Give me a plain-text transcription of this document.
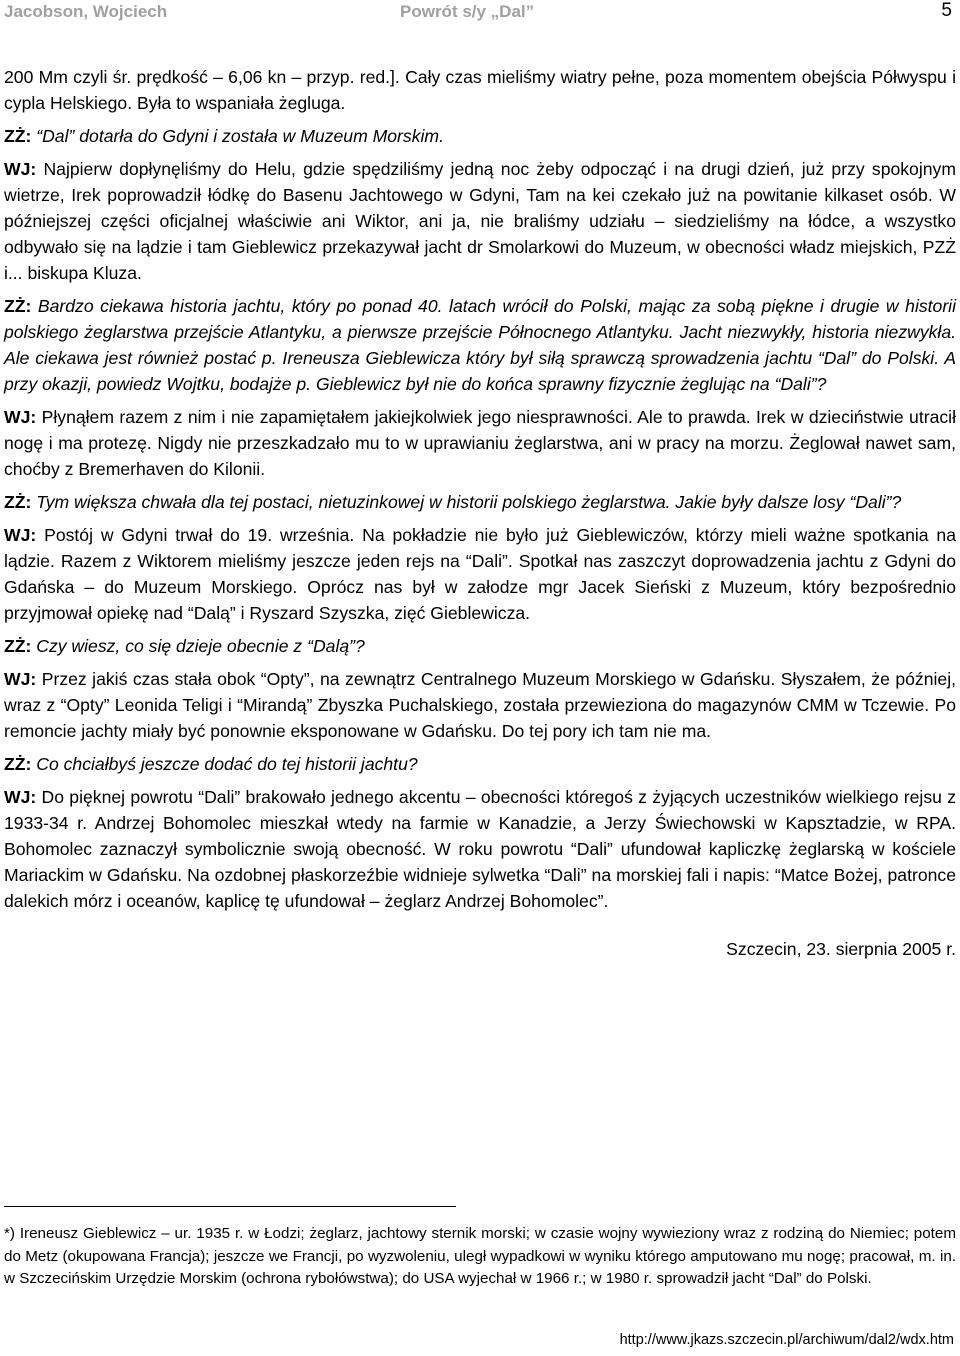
Jacobson, Wojciech	Powrót s/y „Dal”	5

200 Mm czyli śr. prędkość – 6,06 kn – przyp. red.]. Cały czas mieliśmy wiatry pełne, poza momentem obejścia Półwyspu i cypla Helskiego. Była to wspaniała żegluga.

ZŻ: “Dal” dotarła do Gdyni i została w Muzeum Morskim.

WJ: Najpierw dopłynęliśmy do Helu, gdzie spędziliśmy jedną noc żeby odpocząć i na drugi dzień, już przy spokojnym wietrze, Irek poprowadził łódkę do Basenu Jachtowego w Gdyni, Tam na kei czekało już na powitanie kilkaset osób. W późniejszej części oficjalnej właściwie ani Wiktor, ani ja, nie braliśmy udziału – siedzieliśmy na łódce, a wszystko odbywało się na lądzie i tam Gieblewicz przekazywał jacht dr Smolarkowi do Muzeum, w obecności władz miejskich, PZŻ i... biskupa Kluza.

ZŻ: Bardzo ciekawa historia jachtu, który po ponad 40. latach wrócił do Polski, mając za sobą piękne i drugie w historii polskiego żeglarstwa przejście Atlantyku, a pierwsze przejście Północnego Atlantyku. Jacht niezwykły, historia niezwykła. Ale ciekawa jest również postać p. Ireneusza Gieblewicza który był siłą sprawczą sprowadzenia jachtu “Dal” do Polski. A przy okazji, powiedz Wojtku, bodajże p. Gieblewicz był nie do końca sprawny fizycznie żeglując na “Dali”?

WJ: Płynąłem razem z nim i nie zapamiętałem jakiejkolwiek jego niesprawności. Ale to prawda. Irek w dzieciństwie utracił nogę i ma protezę. Nigdy nie przeszkadzało mu to w uprawianiu żeglarstwa, ani w pracy na morzu. Żeglował nawet sam, choćby z Bremerhaven do Kilonii.

ZŻ: Tym większa chwała dla tej postaci, nietuzinkowej w historii polskiego żeglarstwa. Jakie były dalsze losy “Dali”?

WJ: Postój w Gdyni trwał do 19. września. Na pokładzie nie było już Gieblewiczów, którzy mieli ważne spotkania na lądzie. Razem z Wiktorem mieliśmy jeszcze jeden rejs na “Dali”. Spotkał nas zaszczyt doprowadzenia jachtu z Gdyni do Gdańska – do Muzeum Morskiego. Oprócz nas był w załodze mgr Jacek Sieński z Muzeum, który bezpośrednio przyjmował opiekę nad “Dalą” i Ryszard Szyszka, zięć Gieblewicza.

ZŻ: Czy wiesz, co się dzieje obecnie z “Dalą”?

WJ: Przez jakiś czas stała obok “Opty”, na zewnątrz Centralnego Muzeum Morskiego w Gdańsku. Słyszałem, że później, wraz z “Opty” Leonida Teligi i “Mirandą” Zbyszka Puchalskiego, została przewieziona do magazynów CMM w Tczewie. Po remoncie jachty miały być ponownie eksponowane w Gdańsku. Do tej pory ich tam nie ma.

ZŻ: Co chciałbyś jeszcze dodać do tej historii jachtu?

WJ: Do pięknej powrotu “Dali” brakowało jednego akcentu – obecności któregoś z żyjących uczestników wielkiego rejsu z 1933-34 r. Andrzej Bohomolec mieszkał wtedy na farmie w Kanadzie, a Jerzy Świechowski w Kapsztadzie, w RPA. Bohomolec zaznaczył symbolicznie swoją obecność. W roku powrotu “Dali” ufundował kapliczkę żeglarską w kościele Mariackim w Gdańsku. Na ozdobnej płaskorzeźbie widnieje sylwetka “Dali” na morskiej fali i napis: “Matce Bożej, patronce dalekich mórz i oceanów, kaplicę tę ufundował – żeglarz Andrzej Bohomolec”.

Szczecin, 23. sierpnia 2005 r.

*) Ireneusz Gieblewicz – ur. 1935 r. w Łodzi; żeglarz, jachtowy sternik morski; w czasie wojny wywieziony wraz z rodziną do Niemiec; potem do Metz (okupowana Francja); jeszcze we Francji, po wyzwoleniu, uległ wypadkowi w wyniku którego amputowano mu nogę; pracował, m. in. w Szczecińskim Urzędzie Morskim (ochrona rybołówstwa); do USA wyjechał w 1966 r.; w 1980 r. sprowadził jacht “Dal” do Polski.

http://www.jkazs.szczecin.pl/archiwum/dal2/wdx.htm
